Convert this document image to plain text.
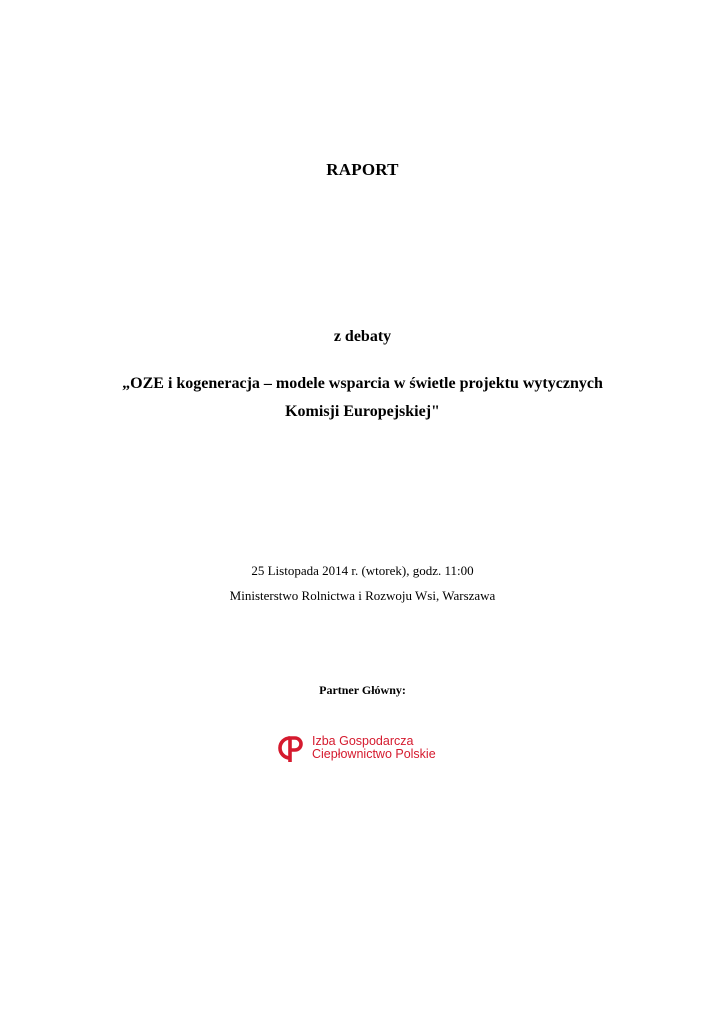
RAPORT
z debaty
„OZE i kogeneracja – modele wsparcia w świetle projektu wytycznych
Komisji Europejskiej"
25 Listopada 2014 r. (wtorek), godz. 11:00
Ministerstwo Rolnictwa i Rozwoju Wsi, Warszawa
Partner Główny:
Izba Gospodarcza
Ciepłownictwo Polskie
